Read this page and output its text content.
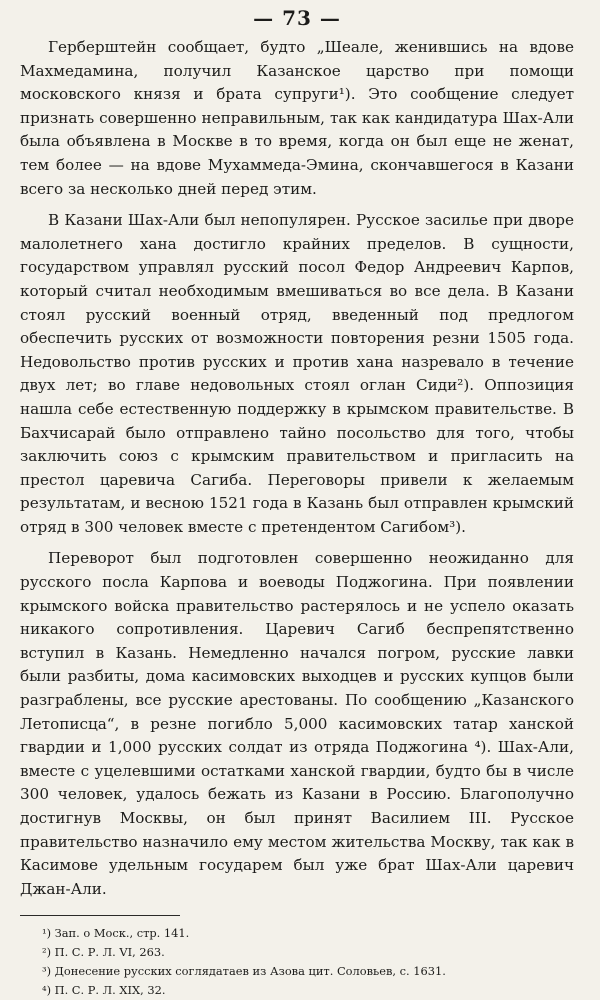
— 73 —

Герберштейн сообщает, будто „Шеале, женившись на вдове Махмедамина, получил Казанское царство при помощи московского князя и брата супруги¹). Это сообщение следует признать совершенно неправильным, так как кандидатура Шах-Али была объявлена в Москве в то время, когда он был еще не женат, тем более — на вдове Мухаммеда-Эмина, скончавшегося в Казани всего за несколько дней перед этим.

В Казани Шах-Али был непопулярен. Русское засилье при дворе малолетнего хана достигло крайних пределов. В сущности, государством управлял русский посол Федор Андреевич Карпов, который считал необходимым вмешиваться во все дела. В Казани стоял русский военный отряд, введенный под предлогом обеспечить русских от возможности повторения резни 1505 года. Недовольство против русских и против хана назревало в течение двух лет; во главе недовольных стоял оглан Сиди²). Оппозиция нашла себе естественную поддержку в крымском правительстве. В Бахчисарай было отправлено тайно посольство для того, чтобы заключить союз с крымским правительством и пригласить на престол царевича Сагиба. Переговоры привели к желаемым результатам, и весною 1521 года в Казань был отправлен крымский отряд в 300 человек вместе с претендентом Сагибом³).

Переворот был подготовлен совершенно неожиданно для русского посла Карпова и воеводы Поджогина. При появлении крымского войска правительство растерялось и не успело оказать никакого сопротивления. Царевич Сагиб беспрепятственно вступил в Казань. Немедленно начался погром, русские лавки были разбиты, дома касимовских выходцев и русских купцов были разграблены, все русские арестованы. По сообщению „Казанского Летописца“, в резне погибло 5,000 касимовских татар ханской гвардии и 1,000 русских солдат из отряда Поджогина ⁴). Шах-Али, вместе с уцелевшими остатками ханской гвардии, будто бы в числе 300 человек, удалось бежать из Казани в Россию. Благополучно достигнув Москвы, он был принят Василием III. Русское правительство назначило ему местом жительства Москву, так как в Касимове удельным государем был уже брат Шах-Али царевич Джан-Али.

¹) Зап. о Моск., стр. 141.
²) П. С. Р. Л. VI, 263.
³) Донесение русских соглядатаев из Азова цит. Соловьев, с. 1631.
⁴) П. С. Р. Л. XIX, 32.
